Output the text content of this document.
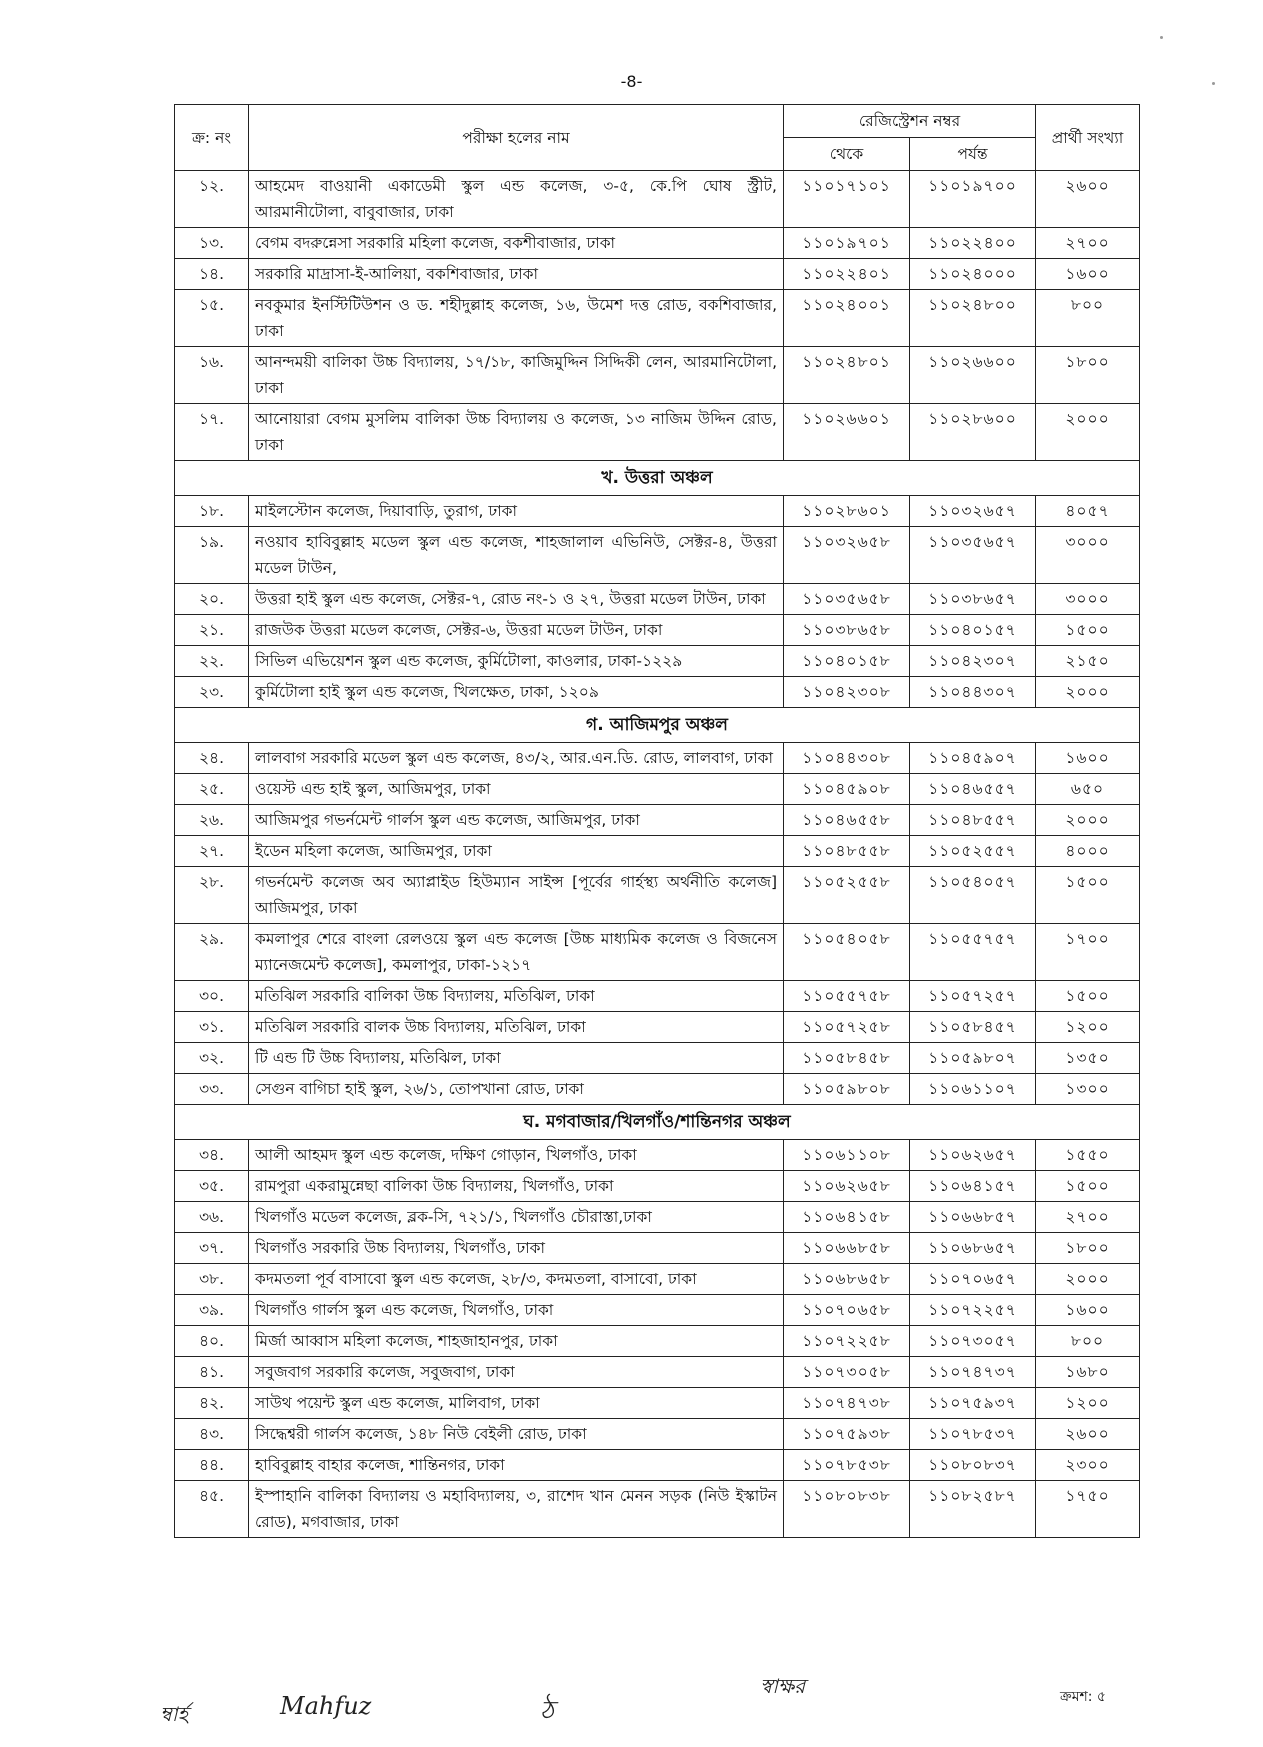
-8-
ক্র: নং	পরীক্ষা হলের নাম	রেজিস্ট্রেশন নম্বর		প্রার্থী সংখ্যা
		থেকে	পর্যন্ত	
১২.	আহমেদ বাওয়ানী একাডেমী স্কুল এন্ড কলেজ, ৩-৫, কে.পি ঘোষ স্ট্রীট, আরমানীটোলা, বাবুবাজার, ঢাকা	১১০১৭১০১	১১০১৯৭০০	২৬০০
১৩.	বেগম বদরুন্নেসা সরকারি মহিলা কলেজ, বকশীবাজার, ঢাকা	১১০১৯৭০১	১১০২২৪০০	২৭০০
১৪.	সরকারি মাদ্রাসা-ই-আলিয়া, বকশিবাজার, ঢাকা	১১০২২৪০১	১১০২৪০০০	১৬০০
১৫.	নবকুমার ইনস্টিটিউশন ও ড. শহীদুল্লাহ কলেজ, ১৬, উমেশ দত্ত রোড, বকশিবাজার, ঢাকা	১১০২৪০০১	১১০২৪৮০০	৮০০
১৬.	আনন্দময়ী বালিকা উচ্চ বিদ্যালয়, ১৭/১৮, কাজিমুদ্দিন সিদ্দিকী লেন, আরমানিটোলা, ঢাকা	১১০২৪৮০১	১১০২৬৬০০	১৮০০
১৭.	আনোয়ারা বেগম মুসলিম বালিকা উচ্চ বিদ্যালয় ও কলেজ, ১৩ নাজিম উদ্দিন রোড, ঢাকা	১১০২৬৬০১	১১০২৮৬০০	২০০০
খ. উত্তরা অঞ্চল				
১৮.	মাইলস্টোন কলেজ, দিয়াবাড়ি, তুরাগ, ঢাকা	১১০২৮৬০১	১১০৩২৬৫৭	৪০৫৭
১৯.	নওয়াব হাবিবুল্লাহ মডেল স্কুল এন্ড কলেজ, শাহজালাল এভিনিউ, সেক্টর-৪, উত্তরা মডেল টাউন,	১১০৩২৬৫৮	১১০৩৫৬৫৭	৩০০০
২০.	উত্তরা হাই স্কুল এন্ড কলেজ, সেক্টর-৭, রোড নং-১ ও ২৭, উত্তরা মডেল টাউন, ঢাকা	১১০৩৫৬৫৮	১১০৩৮৬৫৭	৩০০০
২১.	রাজউক উত্তরা মডেল কলেজ, সেক্টর-৬, উত্তরা মডেল টাউন, ঢাকা	১১০৩৮৬৫৮	১১০৪০১৫৭	১৫০০
২২.	সিভিল এভিয়েশন স্কুল এন্ড কলেজ, কুর্মিটোলা, কাওলার, ঢাকা-১২২৯	১১০৪০১৫৮	১১০৪২৩০৭	২১৫০
২৩.	কুর্মিটোলা হাই স্কুল এন্ড কলেজ, খিলক্ষেত, ঢাকা, ১২০৯	১১০৪২৩০৮	১১০৪৪৩০৭	২০০০
গ. আজিমপুর অঞ্চল				
২৪.	লালবাগ সরকারি মডেল স্কুল এন্ড কলেজ, ৪৩/২, আর.এন.ডি. রোড, লালবাগ, ঢাকা	১১০৪৪৩০৮	১১০৪৫৯০৭	১৬০০
২৫.	ওয়েস্ট এন্ড হাই স্কুল, আজিমপুর, ঢাকা	১১০৪৫৯০৮	১১০৪৬৫৫৭	৬৫০
২৬.	আজিমপুর গভর্নমেন্ট গার্লস স্কুল এন্ড কলেজ, আজিমপুর, ঢাকা	১১০৪৬৫৫৮	১১০৪৮৫৫৭	২০০০
২৭.	ইডেন মহিলা কলেজ, আজিমপুর, ঢাকা	১১০৪৮৫৫৮	১১০৫২৫৫৭	৪০০০
২৮.	গভর্নমেন্ট কলেজ অব অ্যাপ্লাইড হিউম্যান সাইন্স [পূর্বের গার্হস্থ্য অর্থনীতি কলেজ] আজিমপুর, ঢাকা	১১০৫২৫৫৮	১১০৫৪০৫৭	১৫০০
২৯.	কমলাপুর শেরে বাংলা রেলওয়ে স্কুল এন্ড কলেজ [উচ্চ মাধ্যমিক কলেজ ও বিজনেস ম্যানেজমেন্ট কলেজ], কমলাপুর, ঢাকা-১২১৭	১১০৫৪০৫৮	১১০৫৫৭৫৭	১৭০০
৩০.	মতিঝিল সরকারি বালিকা উচ্চ বিদ্যালয়, মতিঝিল, ঢাকা	১১০৫৫৭৫৮	১১০৫৭২৫৭	১৫০০
৩১.	মতিঝিল সরকারি বালক উচ্চ বিদ্যালয়, মতিঝিল, ঢাকা	১১০৫৭২৫৮	১১০৫৮৪৫৭	১২০০
৩২.	টি এন্ড টি উচ্চ বিদ্যালয়, মতিঝিল, ঢাকা	১১০৫৮৪৫৮	১১০৫৯৮০৭	১৩৫০
৩৩.	সেগুন বাগিচা হাই স্কুল, ২৬/১, তোপখানা রোড, ঢাকা	১১০৫৯৮০৮	১১০৬১১০৭	১৩০০
ঘ. মগবাজার/খিলগাঁও/শান্তিনগর অঞ্চল				
৩৪.	আলী আহমদ স্কুল এন্ড কলেজ, দক্ষিণ গোড়ান, খিলগাঁও, ঢাকা	১১০৬১১০৮	১১০৬২৬৫৭	১৫৫০
৩৫.	রামপুরা একরামুন্নেছা বালিকা উচ্চ বিদ্যালয়, খিলগাঁও, ঢাকা	১১০৬২৬৫৮	১১০৬৪১৫৭	১৫০০
৩৬.	খিলগাঁও মডেল কলেজ, ব্লক-সি, ৭২১/১, খিলগাঁও চৌরাস্তা,ঢাকা	১১০৬৪১৫৮	১১০৬৬৮৫৭	২৭০০
৩৭.	খিলগাঁও সরকারি উচ্চ বিদ্যালয়, খিলগাঁও, ঢাকা	১১০৬৬৮৫৮	১১০৬৮৬৫৭	১৮০০
৩৮.	কদমতলা পূর্ব বাসাবো স্কুল এন্ড কলেজ, ২৮/৩, কদমতলা, বাসাবো, ঢাকা	১১০৬৮৬৫৮	১১০৭০৬৫৭	২০০০
৩৯.	খিলগাঁও গার্লস স্কুল এন্ড কলেজ, খিলগাঁও, ঢাকা	১১০৭০৬৫৮	১১০৭২২৫৭	১৬০০
৪০.	মির্জা আব্বাস মহিলা কলেজ, শাহজাহানপুর, ঢাকা	১১০৭২২৫৮	১১০৭৩০৫৭	৮০০
৪১.	সবুজবাগ সরকারি কলেজ, সবুজবাগ, ঢাকা	১১০৭৩০৫৮	১১০৭৪৭৩৭	১৬৮০
৪২.	সাউথ পয়েন্ট স্কুল এন্ড কলেজ, মালিবাগ, ঢাকা	১১০৭৪৭৩৮	১১০৭৫৯৩৭	১২০০
৪৩.	সিদ্ধেশ্বরী গার্লস কলেজ, ১৪৮ নিউ বেইলী রোড, ঢাকা	১১০৭৫৯৩৮	১১০৭৮৫৩৭	২৬০০
৪৪.	হাবিবুল্লাহ বাহার কলেজ, শান্তিনগর, ঢাকা	১১০৭৮৫৩৮	১১০৮০৮৩৭	২৩০০
৪৫.	ইস্পাহানি বালিকা বিদ্যালয় ও মহাবিদ্যালয়, ৩, রাশেদ খান মেনন সড়ক (নিউ ইস্কাটন রোড), মগবাজার, ঢাকা	১১০৮০৮৩৮	১১০৮২৫৮৭	১৭৫০
ম্বার্হ	Mahfuz	ঠ
স্বাক্ষর	ক্রমশ: ৫
